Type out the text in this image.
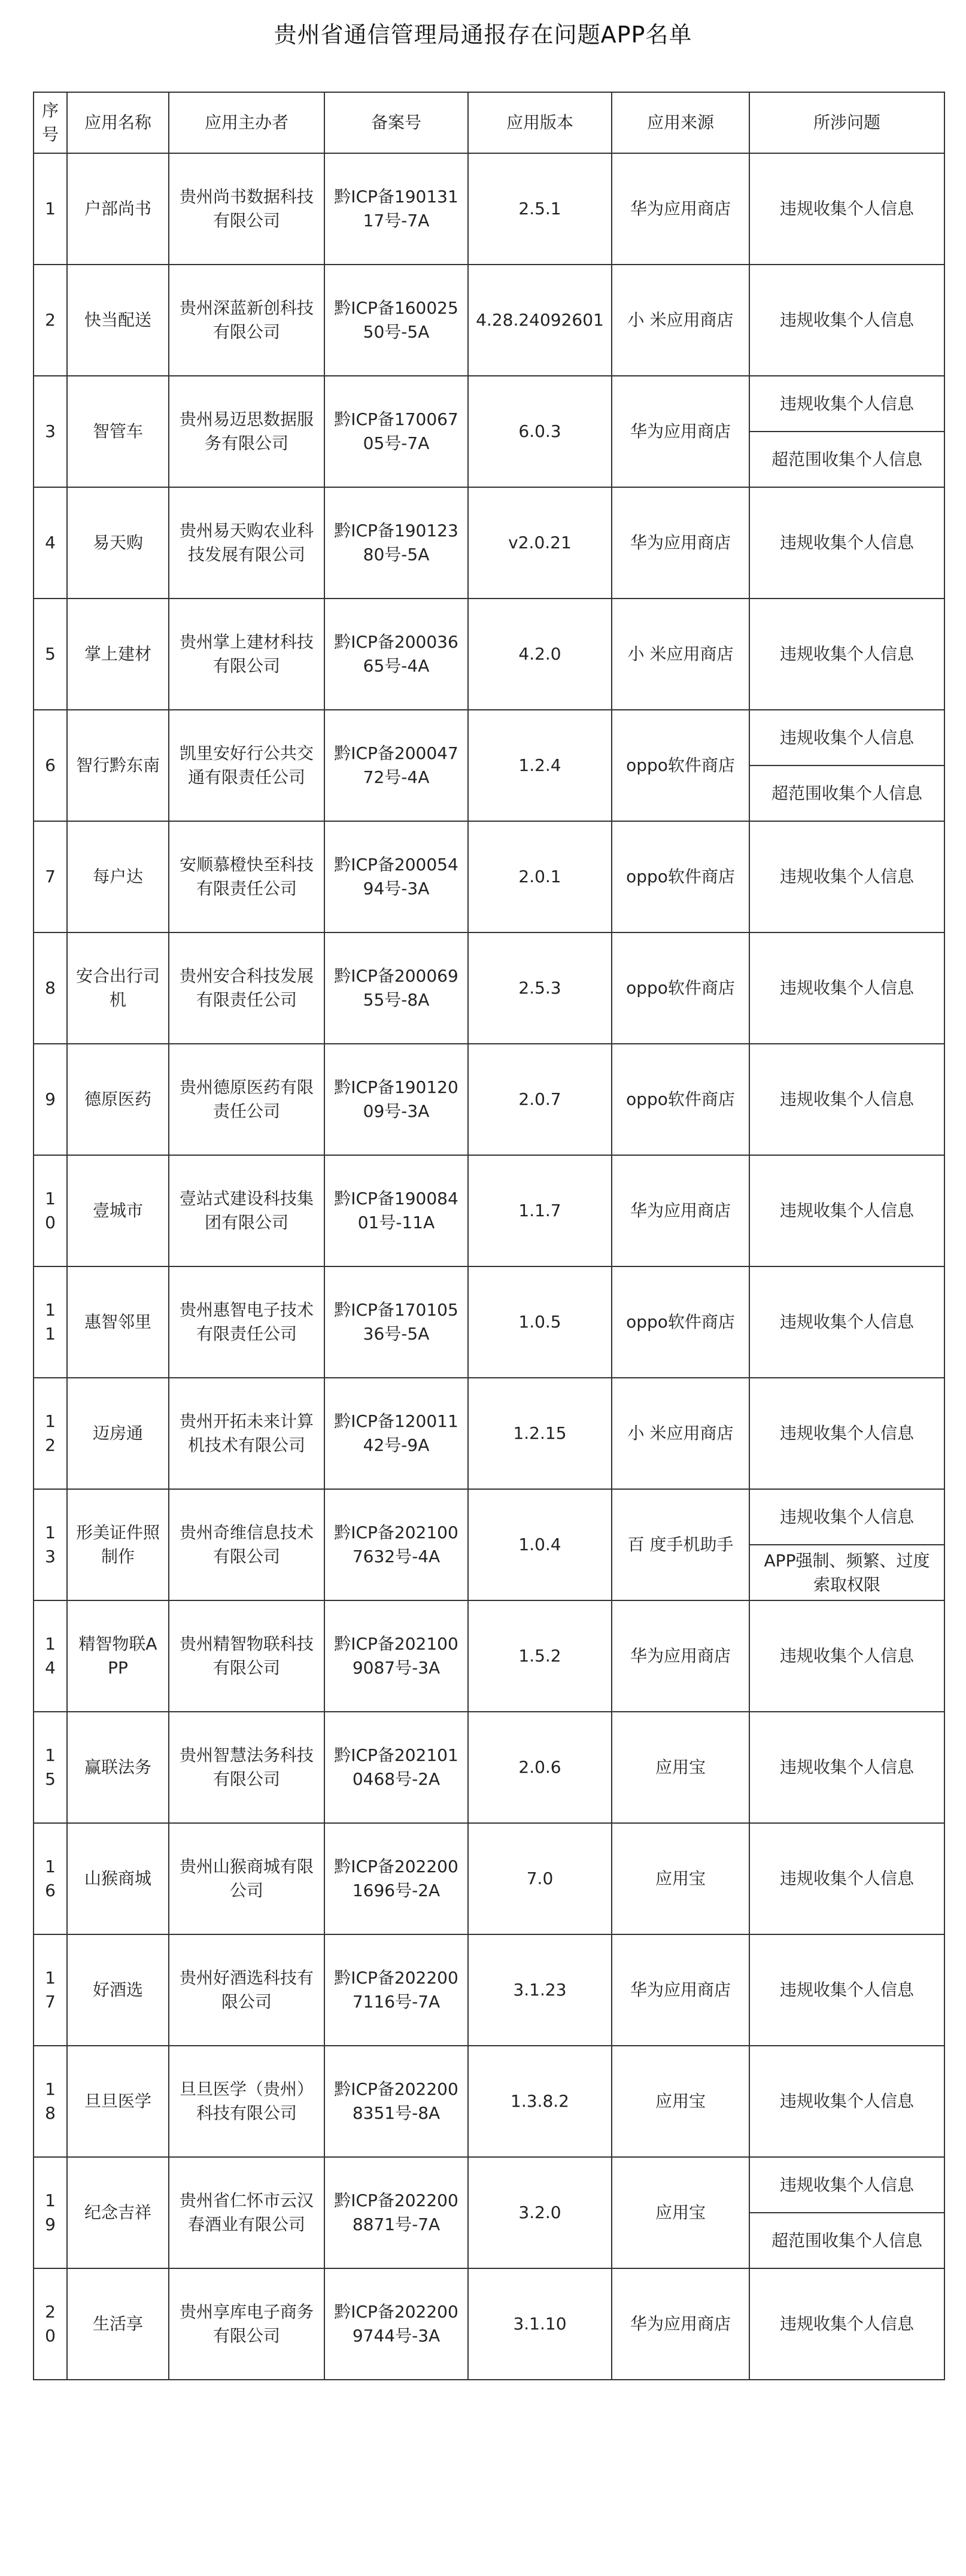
贵州省通信管理局通报存在问题APP名单
序号	应用名称	应用主办者	备案号	应用版本	应用来源	所涉问题
1	户部尚书	贵州尚书数据科技有限公司	黔ICP备19013117号-7A	2.5.1	华为应用商店	违规收集个人信息
2	快当配送	贵州深蓝新创科技有限公司	黔ICP备16002550号-5A	4.28.24092601	小 米应用商店	违规收集个人信息
3	智管车	贵州易迈思数据服务有限公司	黔ICP备17006705号-7A	6.0.3	华为应用商店	违规收集个人信息
						超范围收集个人信息
4	易天购	贵州易天购农业科技发展有限公司	黔ICP备19012380号-5A	v2.0.21	华为应用商店	违规收集个人信息
5	掌上建材	贵州掌上建材科技有限公司	黔ICP备20003665号-4A	4.2.0	小 米应用商店	违规收集个人信息
6	智行黔东南	凯里安好行公共交通有限责任公司	黔ICP备20004772号-4A	1.2.4	oppo软件商店	违规收集个人信息
						超范围收集个人信息
7	每户达	安顺慕橙快至科技有限责任公司	黔ICP备20005494号-3A	2.0.1	oppo软件商店	违规收集个人信息
8	安合出行司机	贵州安合科技发展有限责任公司	黔ICP备20006955号-8A	2.5.3	oppo软件商店	违规收集个人信息
9	德原医药	贵州德原医药有限责任公司	黔ICP备19012009号-3A	2.0.7	oppo软件商店	违规收集个人信息
10	壹城市	壹站式建设科技集团有限公司	黔ICP备19008401号-11A	1.1.7	华为应用商店	违规收集个人信息
11	惠智邻里	贵州惠智电子技术有限责任公司	黔ICP备17010536号-5A	1.0.5	oppo软件商店	违规收集个人信息
12	迈房通	贵州开拓未来计算机技术有限公司	黔ICP备12001142号-9A	1.2.15	小 米应用商店	违规收集个人信息
13	形美证件照制作	贵州奇维信息技术有限公司	黔ICP备2021007632号-4A	1.0.4	百 度手机助手	违规收集个人信息
						APP强制、频繁、过度索取权限
14	精智物联APP	贵州精智物联科技有限公司	黔ICP备2021009087号-3A	1.5.2	华为应用商店	违规收集个人信息
15	赢联法务	贵州智慧法务科技有限公司	黔ICP备2021010468号-2A	2.0.6	应用宝	违规收集个人信息
16	山猴商城	贵州山猴商城有限公司	黔ICP备2022001696号-2A	7.0	应用宝	违规收集个人信息
17	好酒选	贵州好酒选科技有限公司	黔ICP备2022007116号-7A	3.1.23	华为应用商店	违规收集个人信息
18	旦旦医学	旦旦医学（贵州）科技有限公司	黔ICP备2022008351号-8A	1.3.8.2	应用宝	违规收集个人信息
19	纪念吉祥	贵州省仁怀市云汉春酒业有限公司	黔ICP备2022008871号-7A	3.2.0	应用宝	违规收集个人信息
						超范围收集个人信息
20	生活享	贵州享库电子商务有限公司	黔ICP备2022009744号-3A	3.1.10	华为应用商店	违规收集个人信息
